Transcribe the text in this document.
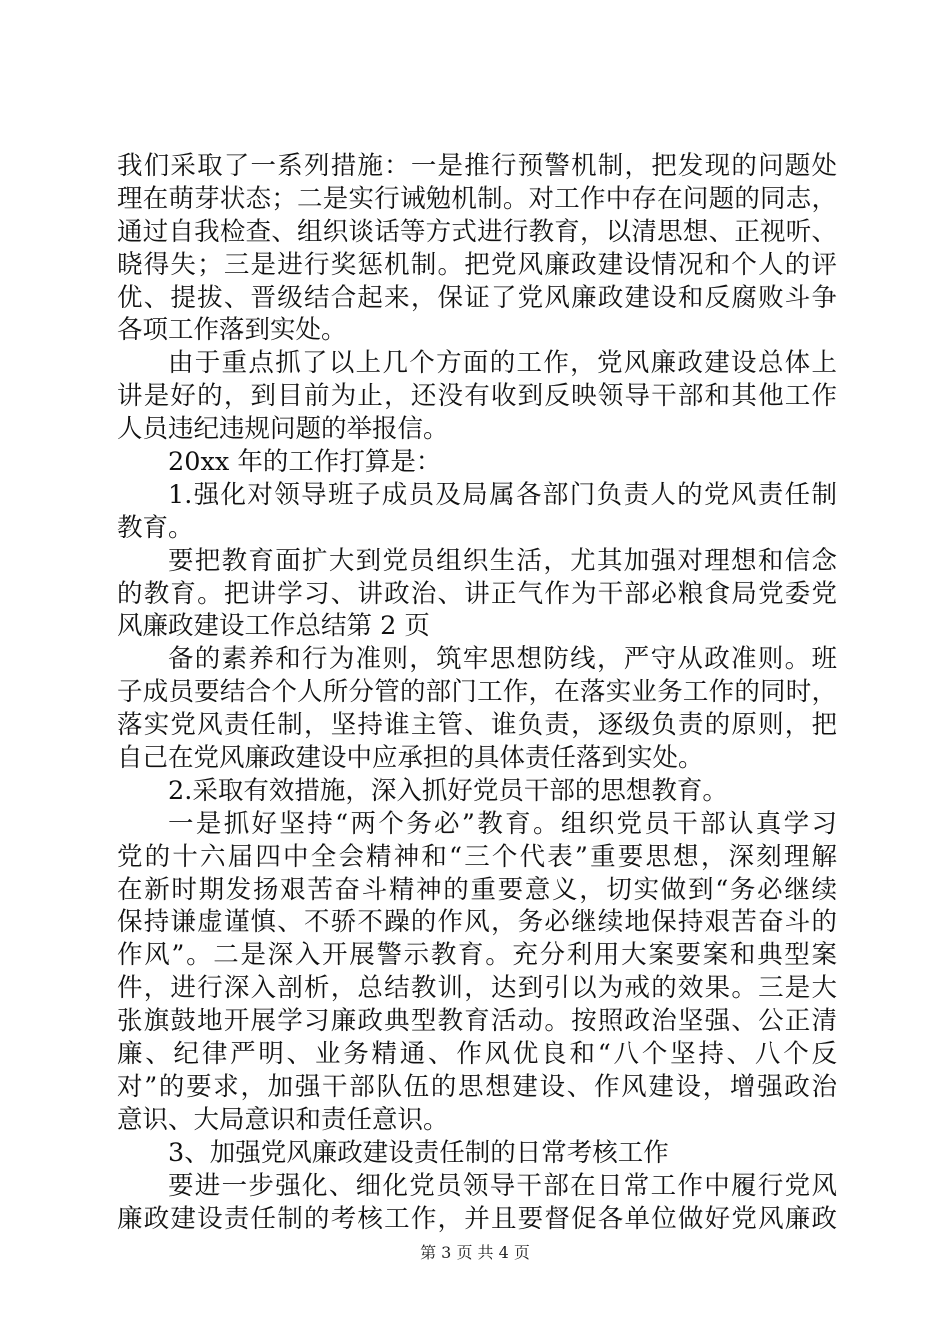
我们采取了一系列措施：一是推行预警机制，把发现的问题处
理在萌芽状态；二是实行诫勉机制。对工作中存在问题的同志，
通过自我检查、组织谈话等方式进行教育，以清思想、正视听、
晓得失；三是进行奖惩机制。把党风廉政建设情况和个人的评
优、提拔、晋级结合起来，保证了党风廉政建设和反腐败斗争
各项工作落到实处。
由于重点抓了以上几个方面的工作，党风廉政建设总体上
讲是好的，到目前为止，还没有收到反映领导干部和其他工作
人员违纪违规问题的举报信。
20xx 年的工作打算是：
1.强化对领导班子成员及局属各部门负责人的党风责任制
教育。
要把教育面扩大到党员组织生活，尤其加强对理想和信念
的教育。把讲学习、讲政治、讲正气作为干部必粮食局党委党
风廉政建设工作总结第 2 页
备的素养和行为准则，筑牢思想防线，严守从政准则。班
子成员要结合个人所分管的部门工作，在落实业务工作的同时，
落实党风责任制，坚持谁主管、谁负责，逐级负责的原则，把
自己在党风廉政建设中应承担的具体责任落到实处。
2.采取有效措施，深入抓好党员干部的思想教育。
一是抓好坚持“两个务必”教育。组织党员干部认真学习
党的十六届四中全会精神和“三个代表”重要思想，深刻理解
在新时期发扬艰苦奋斗精神的重要意义，切实做到“务必继续
保持谦虚谨慎、不骄不躁的作风，务必继续地保持艰苦奋斗的
作风”。二是深入开展警示教育。充分利用大案要案和典型案
件，进行深入剖析，总结教训，达到引以为戒的效果。三是大
张旗鼓地开展学习廉政典型教育活动。按照政治坚强、公正清
廉、纪律严明、业务精通、作风优良和“八个坚持、八个反
对”的要求，加强干部队伍的思想建设、作风建设，增强政治
意识、大局意识和责任意识。
3、加强党风廉政建设责任制的日常考核工作
要进一步强化、细化党员领导干部在日常工作中履行党风
廉政建设责任制的考核工作，并且要督促各单位做好党风廉政
第 3 页 共 4 页
